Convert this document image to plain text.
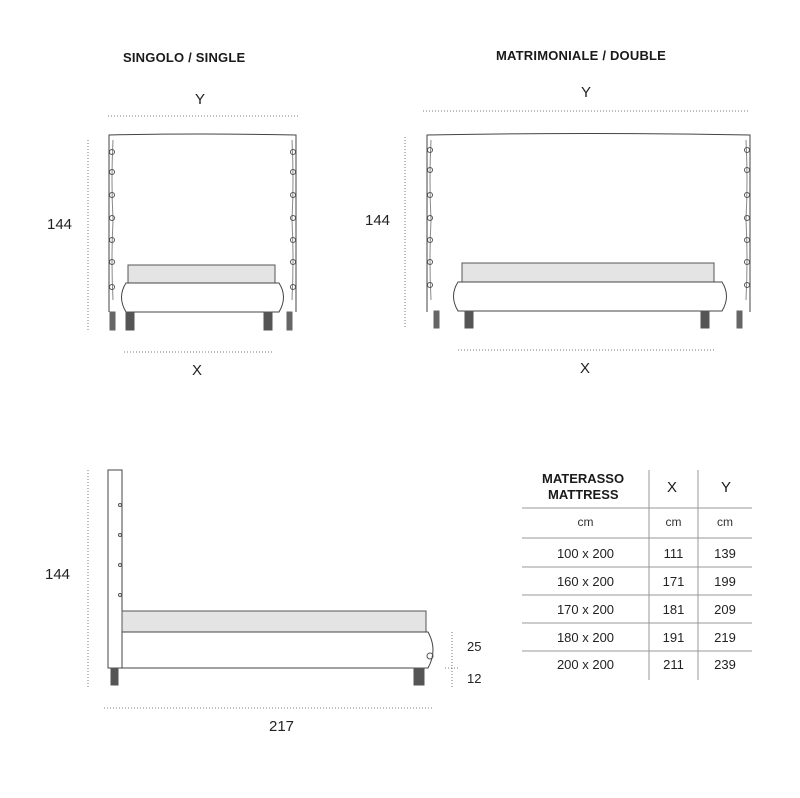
SINGOLO / SINGLE	MATRIMONIALE / DOUBLE
Y
144
X
Y
144
X
144
217
25
12
MATERASSO
MATTRESS	X	Y
cm	cm	cm
100 x 200	111	139
160 x 200	171	199
170 x 200	181	209
180 x 200	191	219
200 x 200	211	239
